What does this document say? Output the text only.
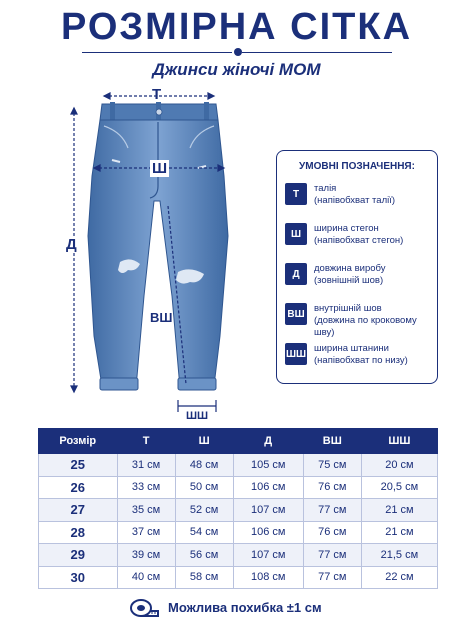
РОЗМІРНА СІТКА
Джинси жіночі МОМ
Т
Ш
Д
ВШ
ШШ
УМОВНІ ПОЗНАЧЕННЯ:
Т	талія
(напівобхват талії)
Ш	ширина стегон
(напівобхват стегон)
Д	довжина виробу
(зовнішній шов)
ВШ внутрішній шов
(довжина по кроковому шву)
ШШ ширина штанини
(напівобхват по низу)
Розмір	Т	Ш	Д	ВШ	ШШ
25	31 см	48 см	105 см	75 см	20 см
26	33 см	50 см	106 см	76 см	20,5 см
27	35 см	52 см	107 см	77 см	21 см
28	37 см	54 см	106 см	76 см	21 см
29	39 см	56 см	107 см	77 см	21,5 см
30	40 см	58 см	108 см	77 см	22 см
Можлива похибка ±1 см
